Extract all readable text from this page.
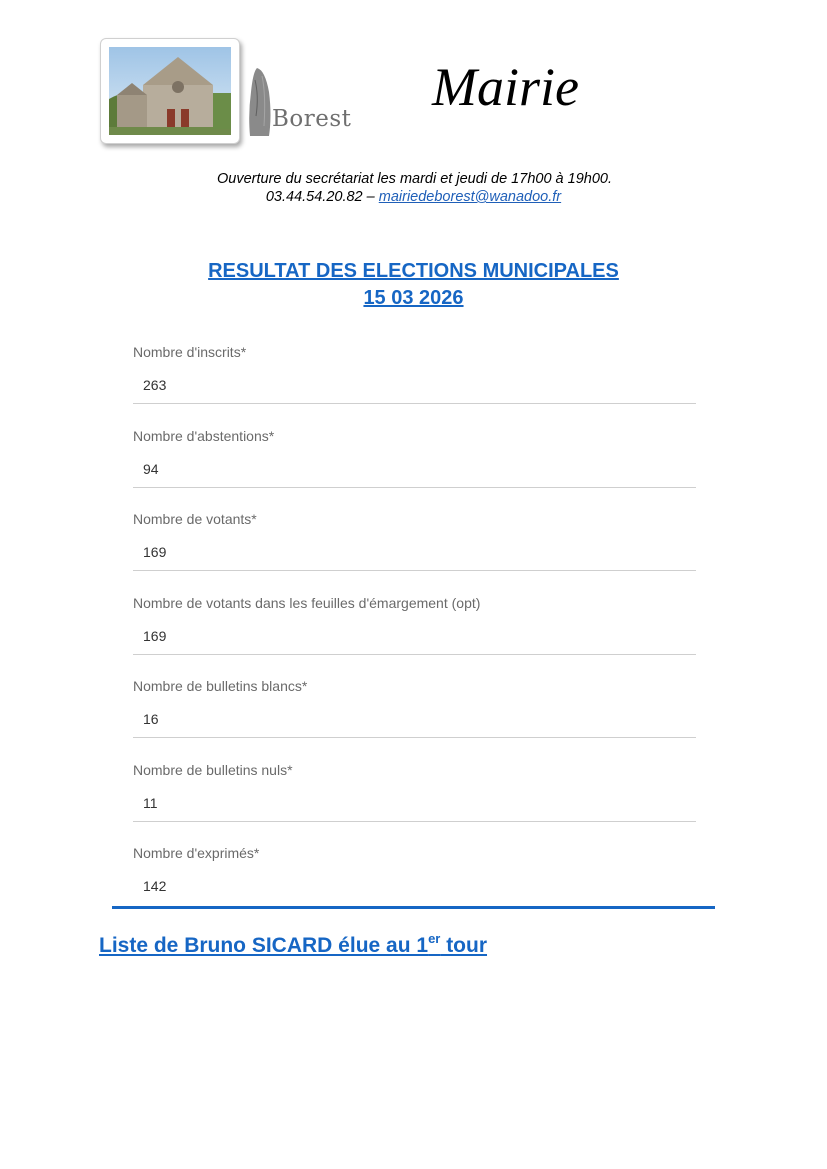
Borest
Mairie
Ouverture du secrétariat les mardi et jeudi de 17h00 à 19h00.
03.44.54.20.82 – mairiedeborest@wanadoo.fr
RESULTAT DES ELECTIONS MUNICIPALES
15 03 2026
Nombre d'inscrits*
263
Nombre d'abstentions*
94
Nombre de votants*
169
Nombre de votants dans les feuilles d'émargement (opt)
169
Nombre de bulletins blancs*
16
Nombre de bulletins nuls*
11
Nombre d'exprimés*
142
Liste de Bruno SICARD élue au 1er tour
